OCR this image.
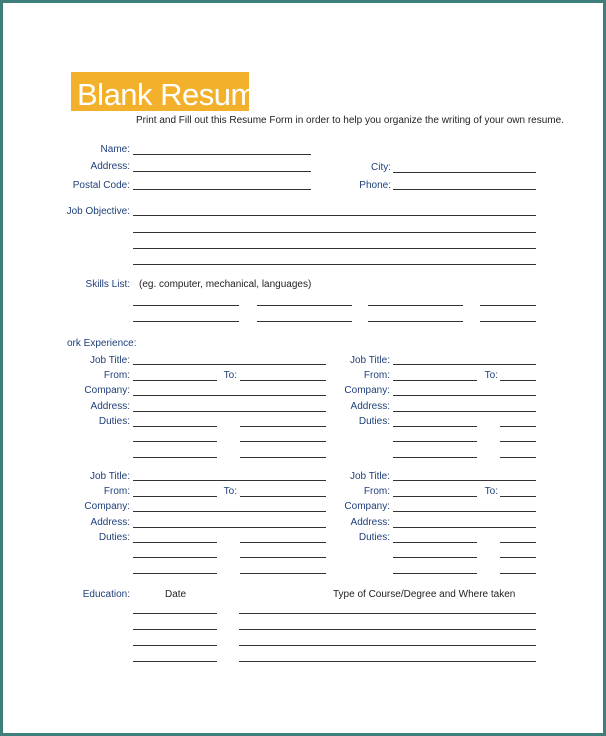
Blank Resume
Print and Fill out this Resume Form in order to help you organize the writing of your own resume.
Name:
Address:
Postal Code:
City:
Phone:
Job Objective:
Skills List: (eg. computer, mechanical, languages)
ork Experience:
Job Title:
From:	To:
Company:
Address:
Duties:
Job Title:
From:	To:
Company:
Address:
Duties:
Job Title:
From:	To:
Company:
Address:
Duties:
Job Title:
From:	To:
Company:
Address:
Duties:
Education:	Date	Type of Course/Degree and Where taken
